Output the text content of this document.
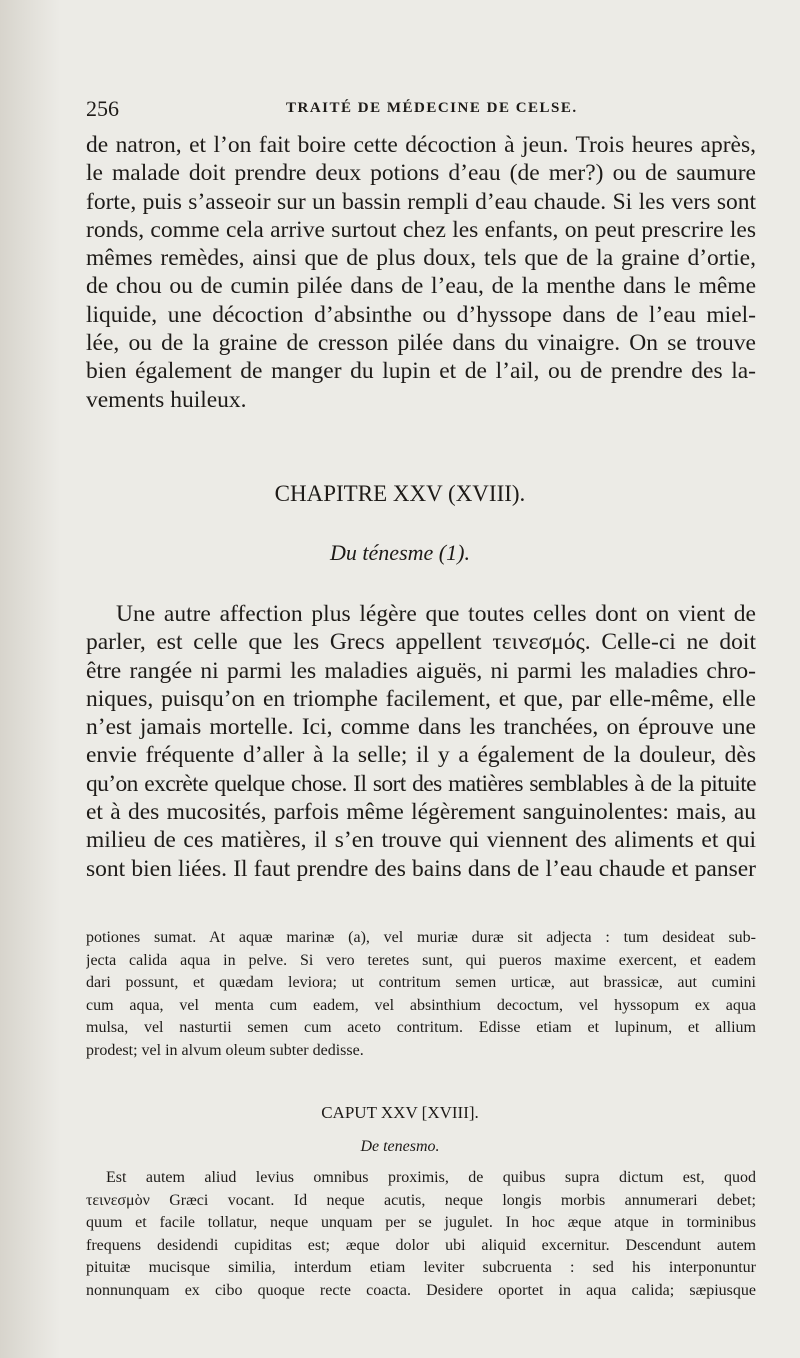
256	TRAITÉ DE MÉDECINE DE CELSE.
de natron, et l’on fait boire cette décoction à jeun. Trois heures après,
le malade doit prendre deux potions d’eau (de mer?) ou de saumure
forte, puis s’asseoir sur un bassin rempli d’eau chaude. Si les vers sont
ronds, comme cela arrive surtout chez les enfants, on peut prescrire les
mêmes remèdes, ainsi que de plus doux, tels que de la graine d’ortie,
de chou ou de cumin pilée dans de l’eau, de la menthe dans le même
liquide, une décoction d’absinthe ou d’hyssope dans de l’eau miel-
lée, ou de la graine de cresson pilée dans du vinaigre. On se trouve
bien également de manger du lupin et de l’ail, ou de prendre des la-
vements huileux.
CHAPITRE XXV (XVIII).
Du ténesme (1).
Une autre affection plus légère que toutes celles dont on vient de
parler, est celle que les Grecs appellent τεινεσμός. Celle-ci ne doit
être rangée ni parmi les maladies aiguës, ni parmi les maladies chro-
niques, puisqu’on en triomphe facilement, et que, par elle-même, elle
n’est jamais mortelle. Ici, comme dans les tranchées, on éprouve une
envie fréquente d’aller à la selle; il y a également de la douleur, dès
qu’on excrète quelque chose. Il sort des matières semblables à de la pituite
et à des mucosités, parfois même légèrement sanguinolentes: mais, au
milieu de ces matières, il s’en trouve qui viennent des aliments et qui
sont bien liées. Il faut prendre des bains dans de l’eau chaude et panser
potiones sumat. At aquæ marinæ (a), vel muriæ duræ sit adjecta : tum desideat sub-
jecta calida aqua in pelve. Si vero teretes sunt, qui pueros maxime exercent, et eadem
dari possunt, et quædam leviora; ut contritum semen urticæ, aut brassicæ, aut cumini
cum aqua, vel menta cum eadem, vel absinthium decoctum, vel hyssopum ex aqua
mulsa, vel nasturtii semen cum aceto contritum. Edisse etiam et lupinum, et allium
prodest; vel in alvum oleum subter dedisse.
CAPUT XXV [XVIII].
De tenesmo.
Est autem aliud levius omnibus proximis, de quibus supra dictum est, quod
τεινεσμὸν Græci vocant. Id neque acutis, neque longis morbis annumerari debet;
quum et facile tollatur, neque unquam per se jugulet. In hoc æque atque in torminibus
frequens desidendi cupiditas est; æque dolor ubi aliquid excernitur. Descendunt autem
pituitæ mucisque similia, interdum etiam leviter subcruenta : sed his interponuntur
nonnunquam ex cibo quoque recte coacta. Desidere oportet in aqua calida; sæpiusque
